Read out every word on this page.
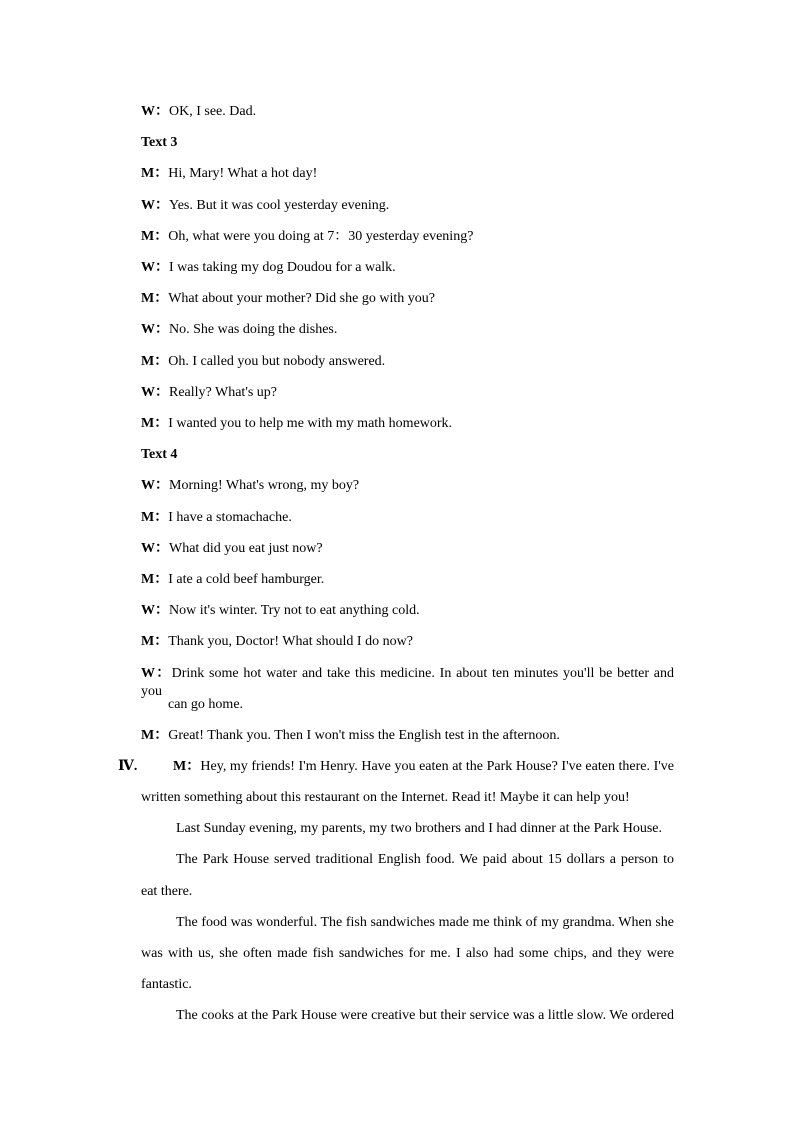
W：OK, I see. Dad.
Text 3
M：Hi, Mary! What a hot day!
W：Yes. But it was cool yesterday evening.
M：Oh, what were you doing at 7：30 yesterday evening?
W：I was taking my dog Doudou for a walk.
M：What about your mother? Did she go with you?
W：No. She was doing the dishes.
M：Oh. I called you but nobody answered.
W：Really? What's up?
M：I wanted you to help me with my math homework.
Text 4
W：Morning! What's wrong, my boy?
M：I have a stomachache.
W：What did you eat just now?
M：I ate a cold beef hamburger.
W：Now it's winter. Try not to eat anything cold.
M：Thank you, Doctor! What should I do now?
W：Drink some hot water and take this medicine. In about ten minutes you'll be better and you
can go home.
M：Great! Thank you. Then I won't miss the English test in the afternoon.
Ⅳ.	M：Hey, my friends! I'm Henry. Have you eaten at the Park House? I've eaten there. I've
written something about this restaurant on the Internet. Read it! Maybe it can help you!
Last Sunday evening, my parents, my two brothers and I had dinner at the Park House.
The Park House served traditional English food. We paid about 15 dollars a person to
eat there.
The food was wonderful. The fish sandwiches made me think of my grandma. When she
was with us, she often made fish sandwiches for me. I also had some chips, and they were
fantastic.
The cooks at the Park House were creative but their service was a little slow. We ordered
